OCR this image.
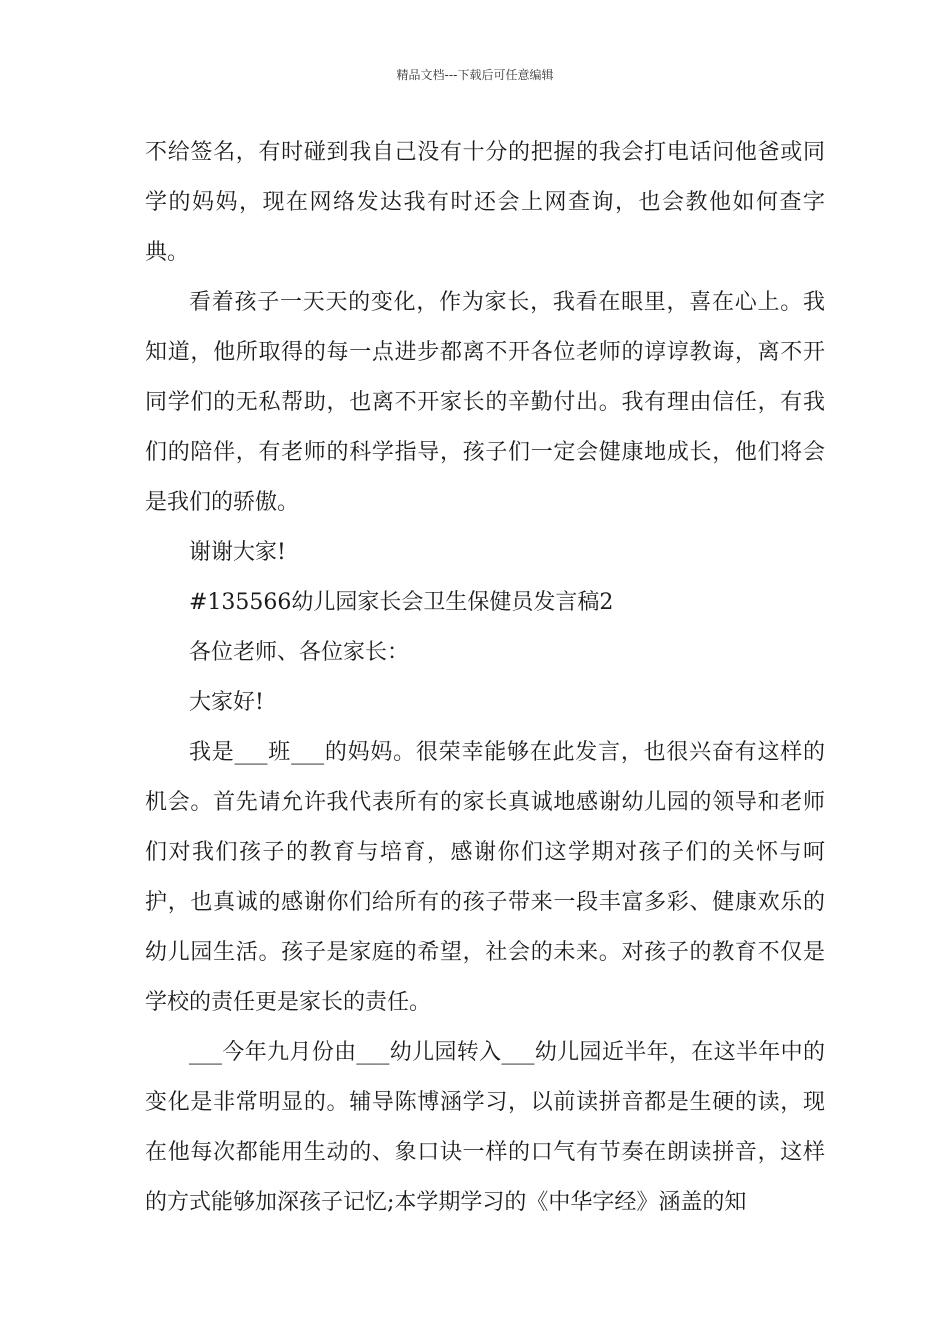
精品文档---下载后可任意编辑

不给签名，有时碰到我自己没有十分的把握的我会打电话问他爸或同学的妈妈，现在网络发达我有时还会上网查询，也会教他如何查字典。

看着孩子一天天的变化，作为家长，我看在眼里，喜在心上。我知道，他所取得的每一点进步都离不开各位老师的谆谆教诲，离不开同学们的无私帮助，也离不开家长的辛勤付出。我有理由信任，有我们的陪伴，有老师的科学指导，孩子们一定会健康地成长，他们将会是我们的骄傲。

谢谢大家!

#135566幼儿园家长会卫生保健员发言稿2

各位老师、各位家长：

大家好!

我是___班___的妈妈。很荣幸能够在此发言，也很兴奋有这样的机会。首先请允许我代表所有的家长真诚地感谢幼儿园的领导和老师们对我们孩子的教育与培育，感谢你们这学期对孩子们的关怀与呵护，也真诚的感谢你们给所有的孩子带来一段丰富多彩、健康欢乐的幼儿园生活。孩子是家庭的希望，社会的未来。对孩子的教育不仅是学校的责任更是家长的责任。

___今年九月份由___幼儿园转入___幼儿园近半年，在这半年中的变化是非常明显的。辅导陈博涵学习，以前读拼音都是生硬的读，现在他每次都能用生动的、象口诀一样的口气有节奏在朗读拼音，这样的方式能够加深孩子记忆;本学期学习的《中华字经》涵盖的知
